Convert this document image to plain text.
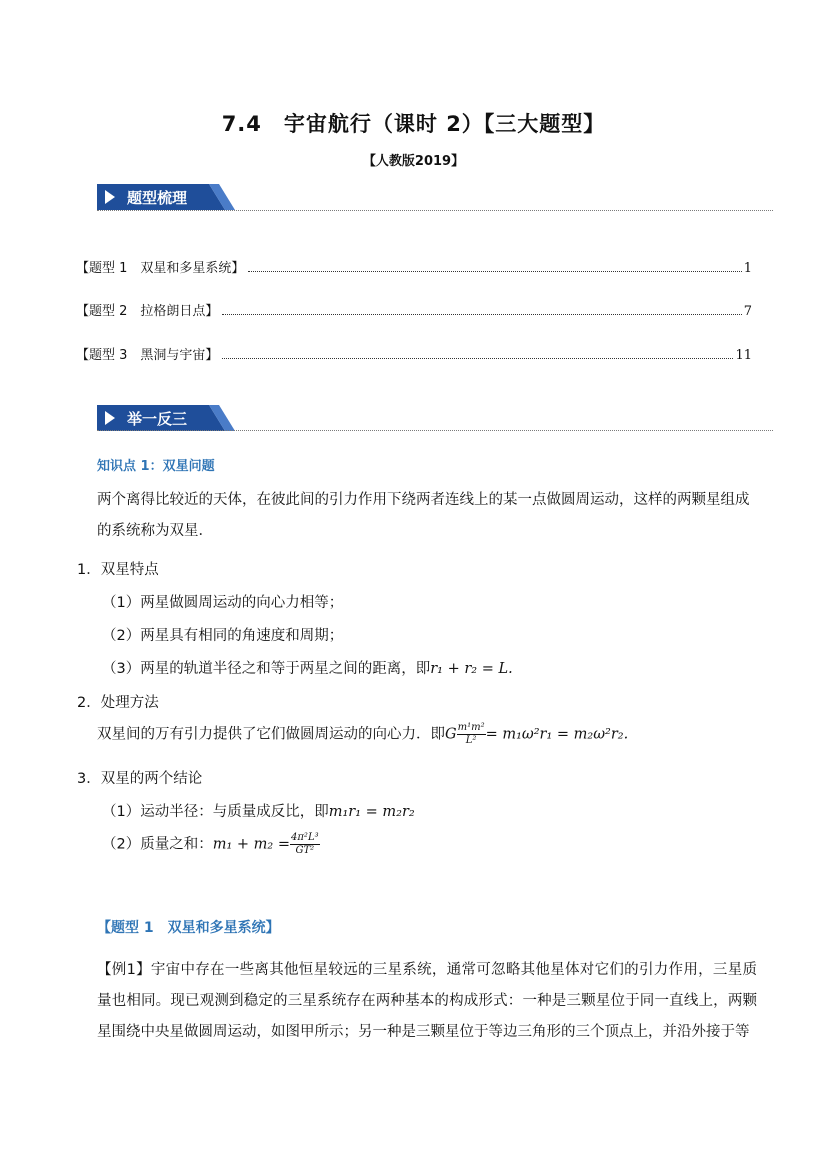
7.4　宇宙航行（课时 2）【三大题型】
【人教版2019】
题型梳理
【题型 1　双星和多星系统】	1
【题型 2　拉格朗日点】	7
【题型 3　黑洞与宇宙】	11
举一反三
知识点 1：双星问题
两个离得比较近的天体，在彼此间的引力作用下绕两者连线上的某一点做圆周运动，这样的两颗星组成的系统称为双星．
1．双星特点
（1）两星做圆周运动的向心力相等；
（2）两星具有相同的角速度和周期；
（3）两星的轨道半径之和等于两星之间的距离，即r₁ + r₂ = L.
2．处理方法
双星间的万有引力提供了它们做圆周运动的向心力．即G $\frac{\text{m¹m²}}{\text{L²}} = m_1\omega^2r_1 = m_2\omega^2r_2$.
3．双星的两个结论
（1）运动半径：与质量成反比，即m₁r₁ = m₂r₂
（2）质量之和：$m_1 + m_2 = \frac{\text{4π²L³}}{\text{GT²}}$
【题型 1　双星和多星系统】
【例1】宇宙中存在一些离其他恒星较远的三星系统，通常可忽略其他星体对它们的引力作用，三星质量也相同。现已观测到稳定的三星系统存在两种基本的构成形式：一种是三颗星位于同一直线上，两颗星围绕中央星做圆周运动，如图甲所示；另一种是三颗星位于等边三角形的三个顶点上，并沿外接于等
